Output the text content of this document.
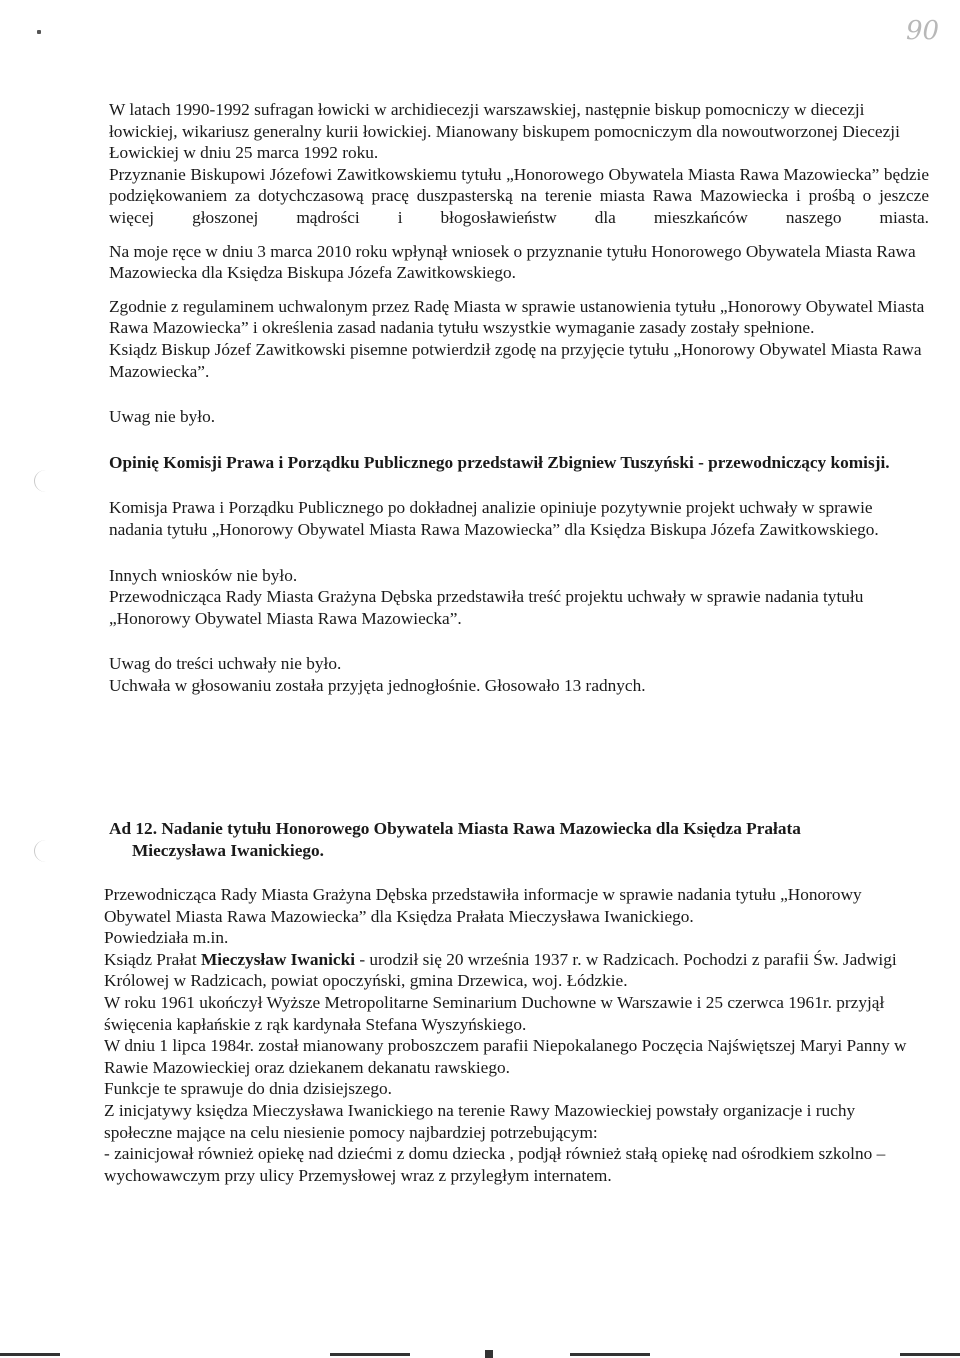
90

W latach 1990-1992 sufragan łowicki w archidiecezji warszawskiej, następnie biskup pomocniczy w diecezji łowickiej, wikariusz generalny kurii łowickiej. Mianowany biskupem pomocniczym dla nowoutworzonej Diecezji Łowickiej w dniu 25 marca 1992 roku.

Przyznanie Biskupowi Józefowi Zawitkowskiemu tytułu „Honorowego Obywatela Miasta Rawa Mazowiecka” będzie podziękowaniem za dotychczasową pracę duszpasterską na terenie miasta Rawa Mazowiecka i prośbą o jeszcze więcej głoszonej mądrości i błogosławieństw dla mieszkańców naszego miasta.

Na moje ręce w dniu 3 marca 2010 roku wpłynął wniosek o przyznanie tytułu Honorowego Obywatela Miasta Rawa Mazowiecka dla Księdza Biskupa Józefa Zawitkowskiego.

Zgodnie z regulaminem uchwalonym przez Radę Miasta w sprawie ustanowienia tytułu „Honorowy Obywatel Miasta Rawa Mazowiecka” i określenia zasad nadania tytułu wszystkie wymaganie zasady zostały spełnione.

Ksiądz Biskup Józef Zawitkowski pisemne potwierdził zgodę na przyjęcie tytułu „Honorowy Obywatel Miasta Rawa Mazowiecka”.

Uwag nie było.

Opinię Komisji Prawa i Porządku Publicznego przedstawił Zbigniew Tuszyński - przewodniczący komisji.

Komisja Prawa i Porządku Publicznego po dokładnej analizie opiniuje pozytywnie projekt uchwały w sprawie nadania tytułu „Honorowy Obywatel Miasta Rawa Mazowiecka” dla Księdza Biskupa Józefa Zawitkowskiego.

Innych wniosków nie było.

Przewodnicząca Rady Miasta Grażyna Dębska przedstawiła treść projektu uchwały w sprawie nadania tytułu „Honorowy Obywatel Miasta Rawa Mazowiecka”.

Uwag do treści uchwały nie było.

Uchwała w głosowaniu została przyjęta jednogłośnie. Głosowało 13 radnych.

Ad 12. Nadanie tytułu Honorowego Obywatela Miasta Rawa Mazowiecka dla Księdza Prałata
Mieczysława Iwanickiego.

Przewodnicząca Rady Miasta Grażyna Dębska przedstawiła informacje w sprawie nadania tytułu „Honorowy Obywatel Miasta Rawa Mazowiecka” dla Księdza Prałata Mieczysława Iwanickiego.

Powiedziała m.in.

Ksiądz Prałat Mieczysław Iwanicki - urodził się 20 września 1937 r. w Radzicach. Pochodzi z parafii Św. Jadwigi Królowej w Radzicach, powiat opoczyński, gmina Drzewica, woj. Łódzkie.

W roku 1961 ukończył Wyższe Metropolitarne Seminarium Duchowne w Warszawie i 25 czerwca 1961r. przyjął święcenia kapłańskie z rąk kardynała Stefana Wyszyńskiego.

W dniu 1 lipca 1984r. został mianowany proboszczem parafii Niepokalanego Poczęcia Najświętszej Maryi Panny w Rawie Mazowieckiej oraz dziekanem dekanatu rawskiego.

Funkcje te sprawuje do dnia dzisiejszego.

Z inicjatywy księdza Mieczysława Iwanickiego na terenie Rawy Mazowieckiej powstały organizacje i ruchy społeczne mające na celu niesienie pomocy najbardziej potrzebującym:

- zainicjował również opiekę nad dziećmi z domu dziecka , podjął również stałą opiekę nad ośrodkiem szkolno – wychowawczym przy ulicy Przemysłowej wraz z przyległym internatem.
